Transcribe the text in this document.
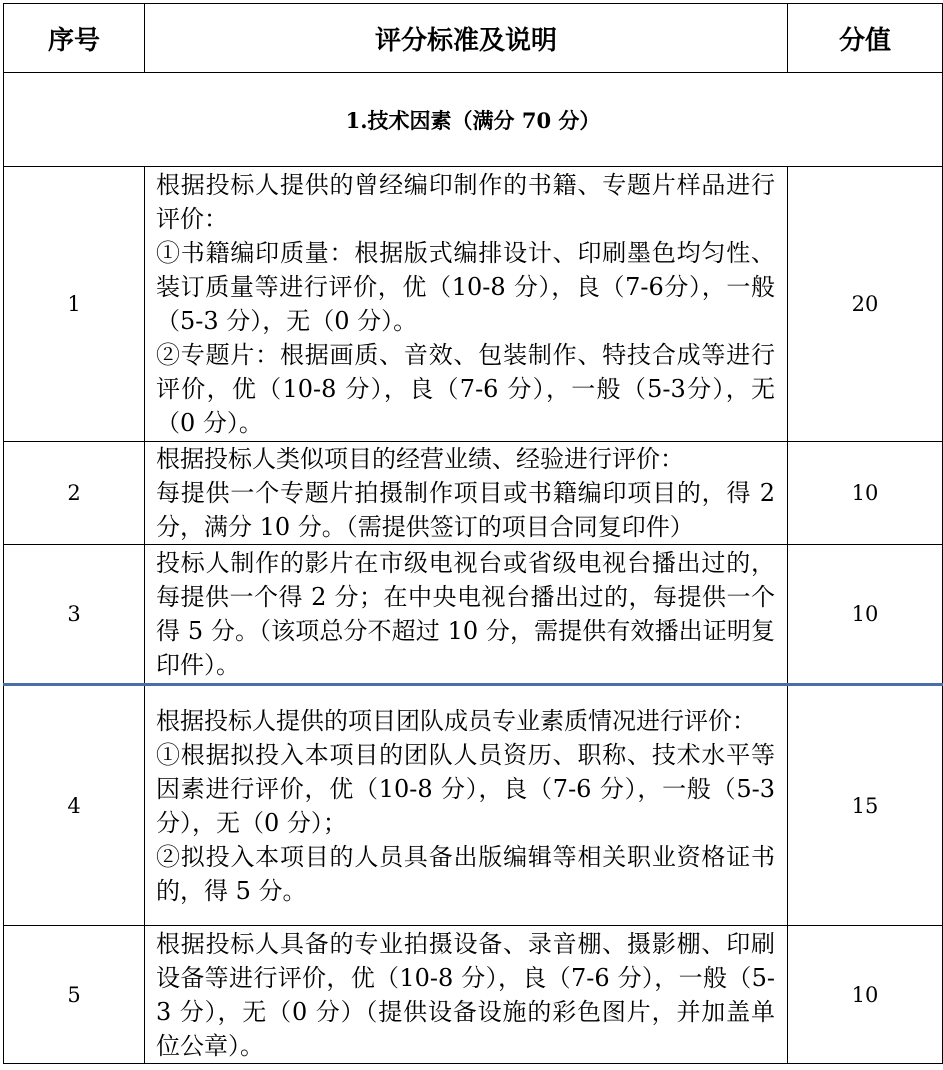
序号	评分标准及说明	分值
1.技术因素（满分 70 分）		
1	根据投标人提供的曾经编印制作的书籍、专题片样品进行评价：
①书籍编印质量：根据版式编排设计、印刷墨色均匀性、装订质量等进行评价，优（10-8 分），良（7-6分），一般（5-3 分），无（0 分）。
②专题片：根据画质、音效、包装制作、特技合成等进行评价，优（10-8 分），良（7-6 分），一般（5-3分），无（0 分）。	20
2	根据投标人类似项目的经营业绩、经验进行评价：
每提供一个专题片拍摄制作项目或书籍编印项目的，得 2 分，满分 10 分。（需提供签订的项目合同复印件）	10
3	投标人制作的影片在市级电视台或省级电视台播出过的，每提供一个得 2 分；在中央电视台播出过的，每提供一个得 5 分。（该项总分不超过 10 分，需提供有效播出证明复印件）。	10
4	根据投标人提供的项目团队成员专业素质情况进行评价：
①根据拟投入本项目的团队人员资历、职称、技术水平等因素进行评价，优（10-8 分），良（7-6 分），一般（5-3 分），无（0 分）；
②拟投入本项目的人员具备出版编辑等相关职业资格证书的，得 5 分。	15
5	根据投标人具备的专业拍摄设备、录音棚、摄影棚、印刷设备等进行评价，优（10-8 分），良（7-6 分），一般（5-3 分），无（0 分）（提供设备设施的彩色图片，并加盖单位公章）。	10
